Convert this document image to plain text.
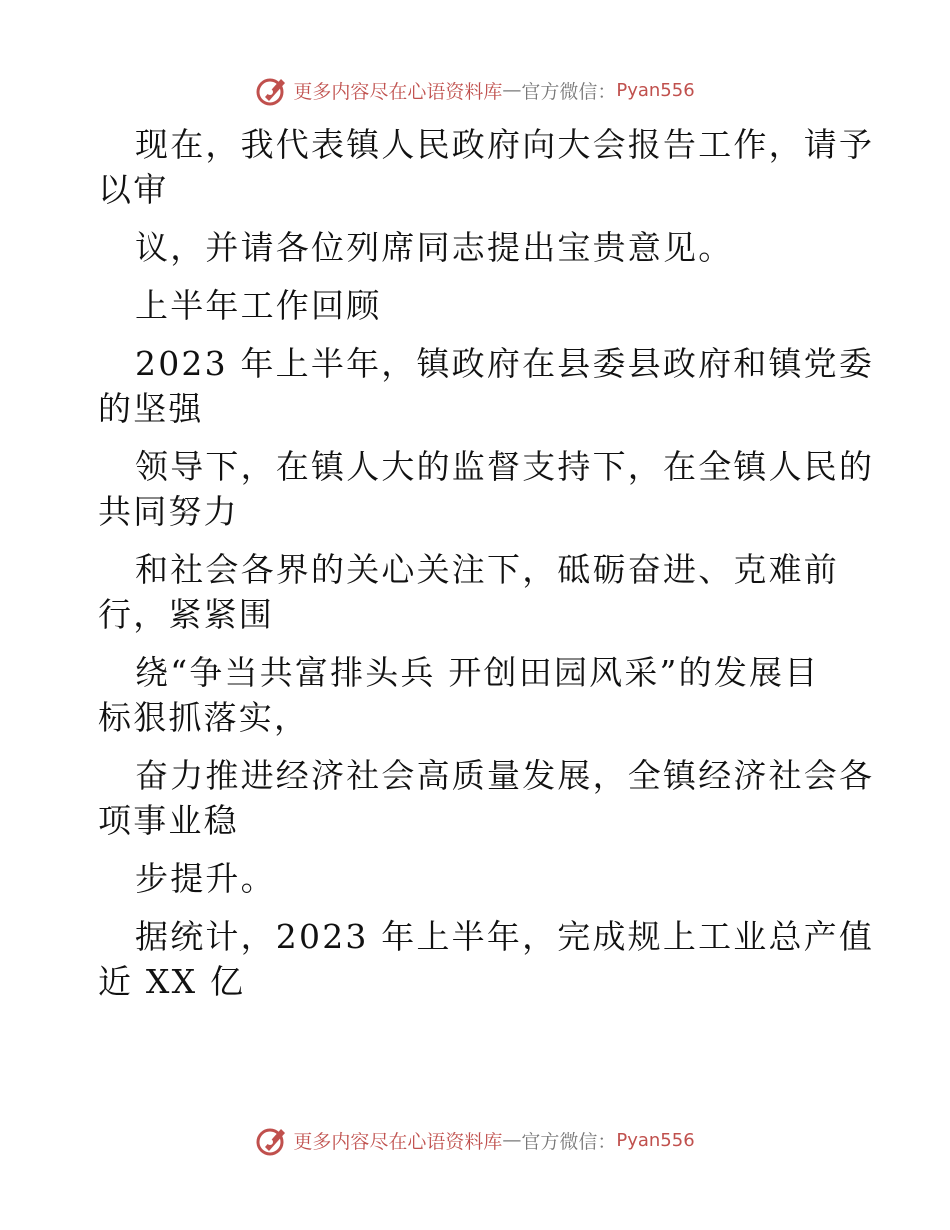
更多内容尽在心语资料库 — 官方微信： Pyan556
现在，我代表镇人民政府向大会报告工作，请予
以审
议，并请各位列席同志提出宝贵意见。
上半年工作回顾
2023 年上半年，镇政府在县委县政府和镇党委
的坚强
领导下，在镇人大的监督支持下，在全镇人民的
共同努力
和社会各界的关心关注下，砥砺奋进、克难前
行，紧紧围
绕“争当共富排头兵 开创田园风采”的发展目
标狠抓落实，
奋力推进经济社会高质量发展，全镇经济社会各
项事业稳
步提升。
据统计，2023 年上半年，完成规上工业总产值
近 XX 亿
更多内容尽在心语资料库 — 官方微信： Pyan556
